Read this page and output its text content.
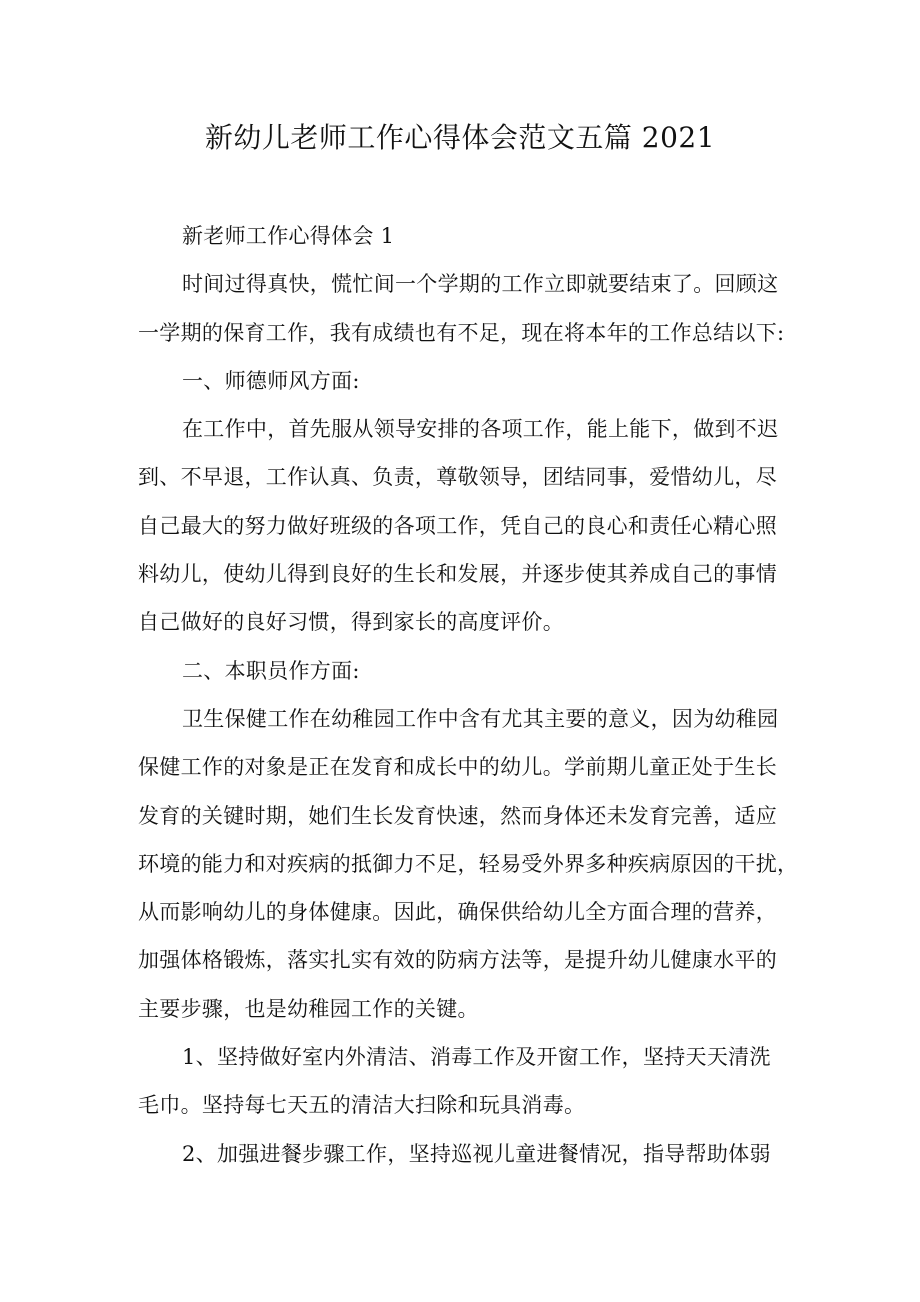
新幼儿老师工作心得体会范文五篇 2021
新老师工作心得体会 1
时间过得真快，慌忙间一个学期的工作立即就要结束了。回顾这
一学期的保育工作，我有成绩也有不足，现在将本年的工作总结以下:
一、师德师风方面:
在工作中，首先服从领导安排的各项工作，能上能下，做到不迟
到、不早退，工作认真、负责，尊敬领导，团结同事，爱惜幼儿，尽
自己最大的努力做好班级的各项工作，凭自己的良心和责任心精心照
料幼儿，使幼儿得到良好的生长和发展，并逐步使其养成自己的事情
自己做好的良好习惯，得到家长的高度评价。
二、本职员作方面:
卫生保健工作在幼稚园工作中含有尤其主要的意义，因为幼稚园
保健工作的对象是正在发育和成长中的幼儿。学前期儿童正处于生长
发育的关键时期，她们生长发育快速，然而身体还未发育完善，适应
环境的能力和对疾病的抵御力不足，轻易受外界多种疾病原因的干扰，
从而影响幼儿的身体健康。因此，确保供给幼儿全方面合理的营养，
加强体格锻炼，落实扎实有效的防病方法等，是提升幼儿健康水平的
主要步骤，也是幼稚园工作的关键。
1、坚持做好室内外清洁、消毒工作及开窗工作，坚持天天清洗
毛巾。坚持每七天五的清洁大扫除和玩具消毒。
2、加强进餐步骤工作，坚持巡视儿童进餐情况，指导帮助体弱
